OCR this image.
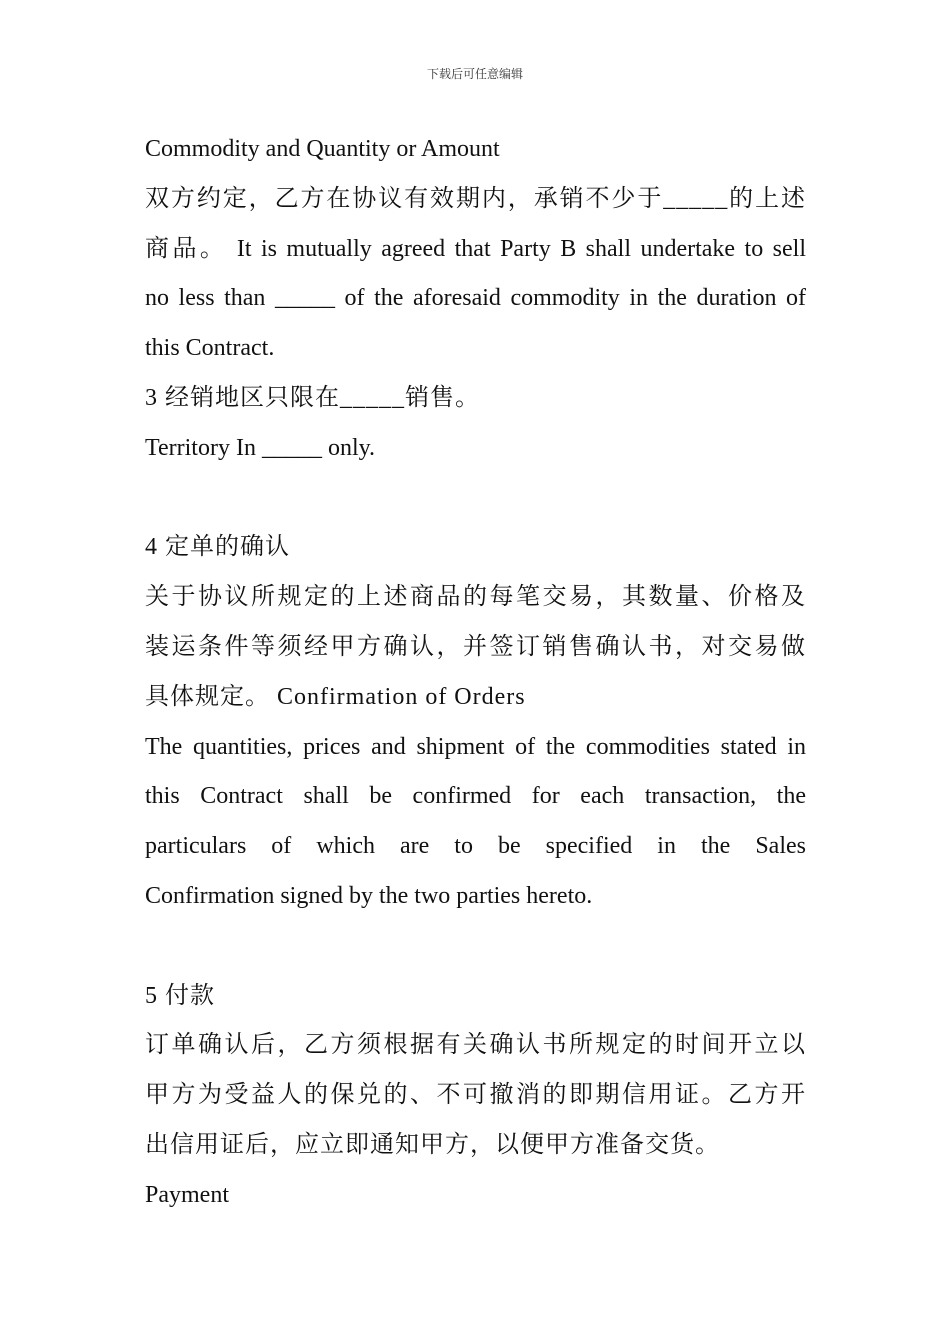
下载后可任意编辑
Commodity and Quantity or Amount
双方约定，乙方在协议有效期内，承销不少于_____的上述
商品。 It is mutually agreed that Party B shall undertake to sell
no less than _____ of the aforesaid commodity in the duration of
this Contract.
3 经销地区只限在_____销售。
Territory In _____ only.
4 定单的确认
关于协议所规定的上述商品的每笔交易，其数量、价格及
装运条件等须经甲方确认，并签订销售确认书，对交易做
具体规定。 Confirmation of Orders
The quantities, prices and shipment of the commodities stated in
this Contract shall be confirmed for each transaction, the
particulars of which are to be specified in the Sales
Confirmation signed by the two parties hereto.
5 付款
订单确认后，乙方须根据有关确认书所规定的时间开立以
甲方为受益人的保兑的、不可撤消的即期信用证。乙方开
出信用证后，应立即通知甲方，以便甲方准备交货。
Payment
